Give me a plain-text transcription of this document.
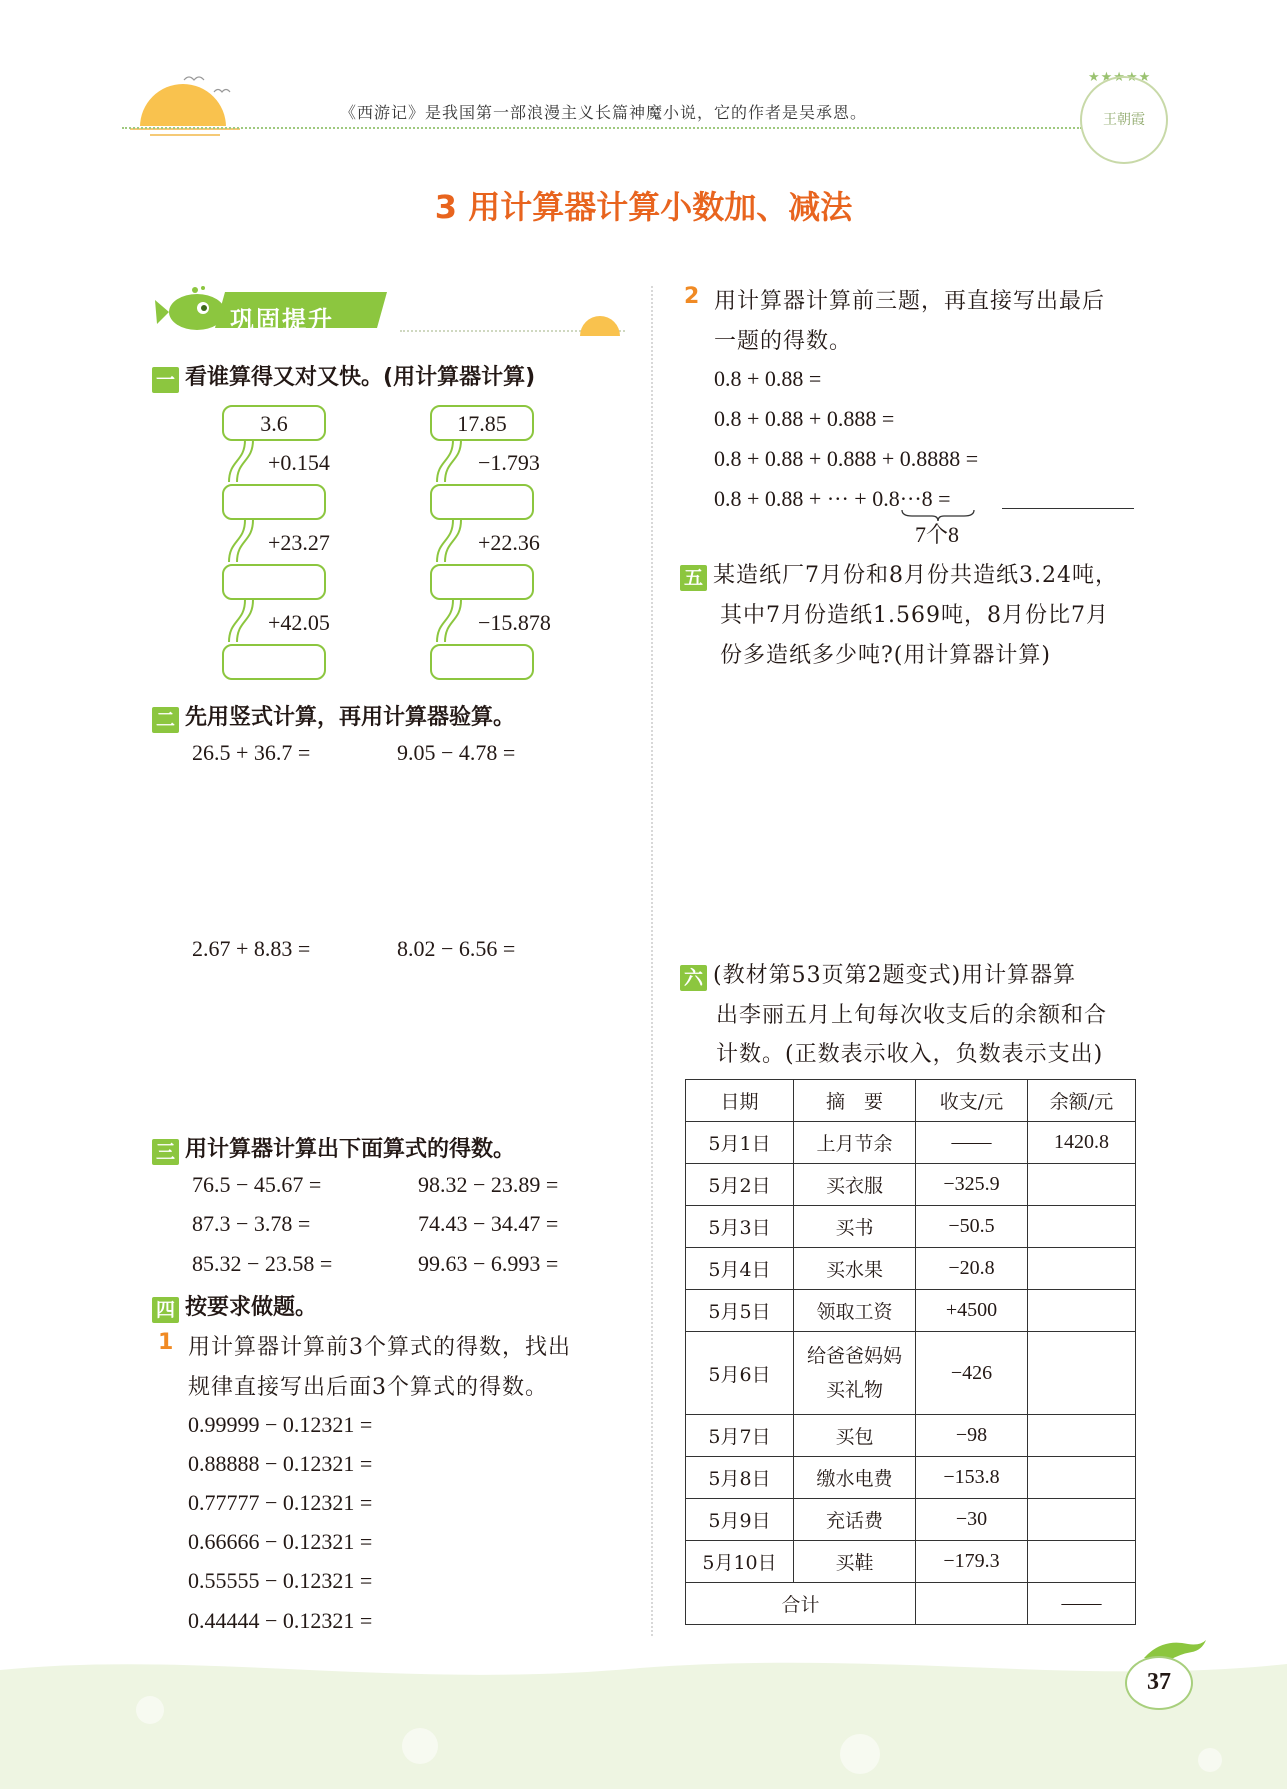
《西游记》是我国第一部浪漫主义长篇神魔小说，它的作者是吴承恩。
★★★★★
王朝霞
3 用计算器计算小数加、减法
巩固提升
一 看谁算得又对又快。(用计算器计算)
3.6
+0.154
+23.27
+42.05
17.85
−1.793
+22.36
−15.878
二 先用竖式计算，再用计算器验算。
26.5 + 36.7 =	9.05 − 4.78 =
2.67 + 8.83 =	8.02 − 6.56 =
三 用计算器计算出下面算式的得数。
76.5 − 45.67 =	98.32 − 23.89 =
87.3 − 3.78 =	74.43 − 34.47 =
85.32 − 23.58 =	99.63 − 6.993 =
四 按要求做题。
1 用计算器计算前3个算式的得数，找出
规律直接写出后面3个算式的得数。
0.99999 − 0.12321 =
0.88888 − 0.12321 =
0.77777 − 0.12321 =
0.66666 − 0.12321 =
0.55555 − 0.12321 =
0.44444 − 0.12321 =
2 用计算器计算前三题，再直接写出最后
一题的得数。
0.8 + 0.88 =
0.8 + 0.88 + 0.888 =
0.8 + 0.88 + 0.888 + 0.8888 =
0.8 + 0.88 + ··· + 0.8···8 =
7个8
五 某造纸厂7月份和8月份共造纸3.24吨，
其中7月份造纸1.569吨，8月份比7月
份多造纸多少吨?(用计算器计算)
六 (教材第53页第2题变式)用计算器算
出李丽五月上旬每次收支后的余额和合
计数。(正数表示收入，负数表示支出)
日期	摘　要	收支/元	余额/元
5月1日	上月节余	——	1420.8
5月2日	买衣服	−325.9	
5月3日	买书	−50.5	
5月4日	买水果	−20.8	
5月5日	领取工资	+4500	
5月6日	给爸爸妈妈买礼物	−426	
5月7日	买包	−98	
5月8日	缴水电费	−153.8	
5月9日	充话费	−30	
5月10日	买鞋	−179.3	
合计			——
37
